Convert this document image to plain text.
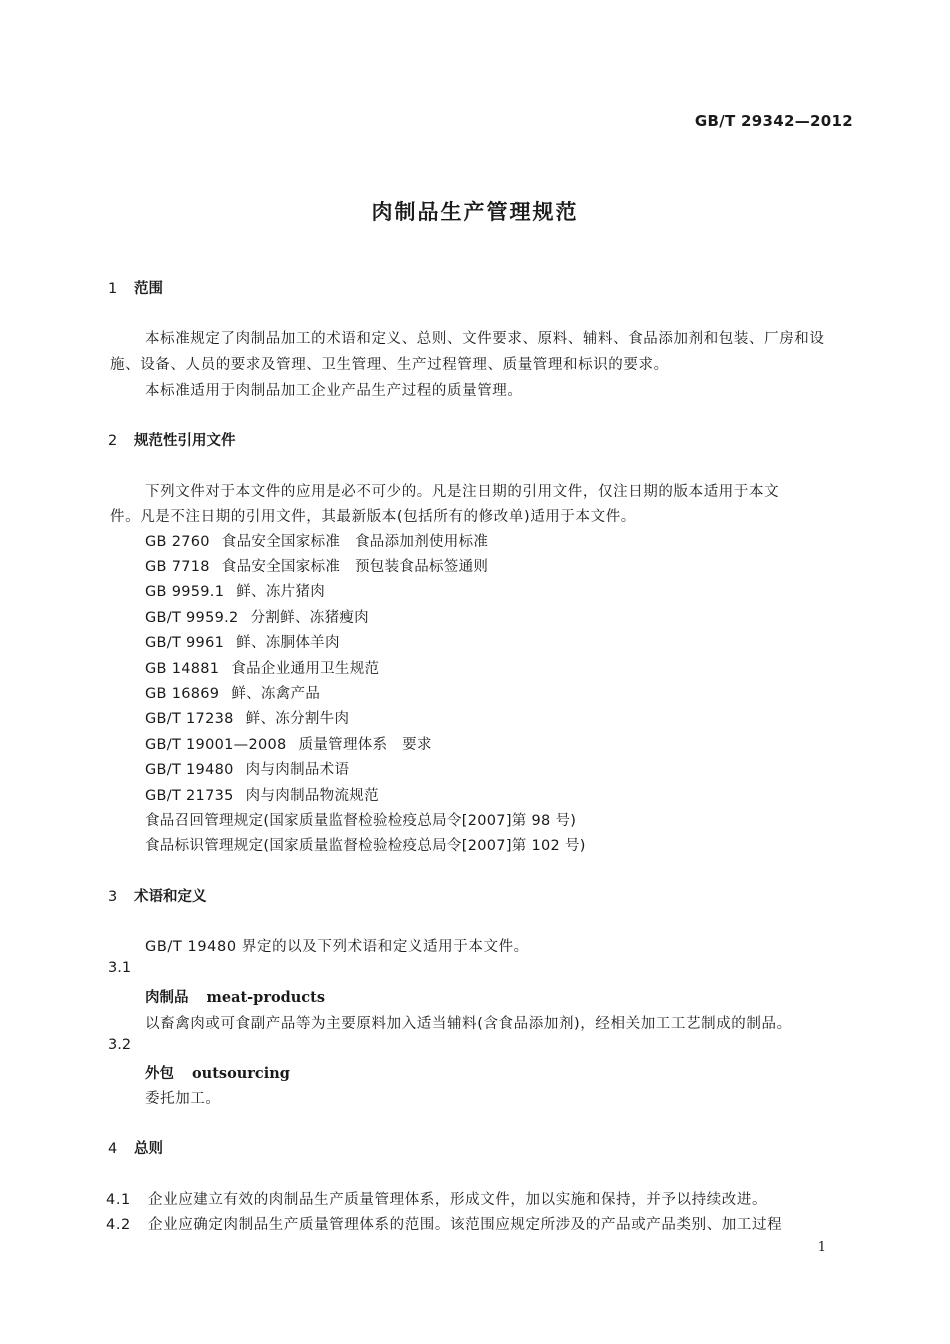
GB/T 29342—2012
肉制品生产管理规范
1 范围
本标准规定了肉制品加工的术语和定义、总则、文件要求、原料、辅料、食品添加剂和包装、厂房和设
施、设备、人员的要求及管理、卫生管理、生产过程管理、质量管理和标识的要求。
本标准适用于肉制品加工企业产品生产过程的质量管理。
2 规范性引用文件
下列文件对于本文件的应用是必不可少的。凡是注日期的引用文件，仅注日期的版本适用于本文
件。凡是不注日期的引用文件，其最新版本(包括所有的修改单)适用于本文件。
GB 2760 食品安全国家标准　食品添加剂使用标准
GB 7718 食品安全国家标准　预包装食品标签通则
GB 9959.1 鲜、冻片猪肉
GB/T 9959.2 分割鲜、冻猪瘦肉
GB/T 9961 鲜、冻胴体羊肉
GB 14881 食品企业通用卫生规范
GB 16869 鲜、冻禽产品
GB/T 17238 鲜、冻分割牛肉
GB/T 19001—2008 质量管理体系　要求
GB/T 19480 肉与肉制品术语
GB/T 21735 肉与肉制品物流规范
食品召回管理规定(国家质量监督检验检疫总局令[2007]第 98 号)
食品标识管理规定(国家质量监督检验检疫总局令[2007]第 102 号)
3 术语和定义
GB/T 19480 界定的以及下列术语和定义适用于本文件。
3.1
肉制品 meat-products
以畜禽肉或可食副产品等为主要原料加入适当辅料(含食品添加剂)，经相关加工工艺制成的制品。
3.2
外包 outsourcing
委托加工。
4 总则
4.1 企业应建立有效的肉制品生产质量管理体系，形成文件，加以实施和保持，并予以持续改进。
4.2 企业应确定肉制品生产质量管理体系的范围。该范围应规定所涉及的产品或产品类别、加工过程
1
